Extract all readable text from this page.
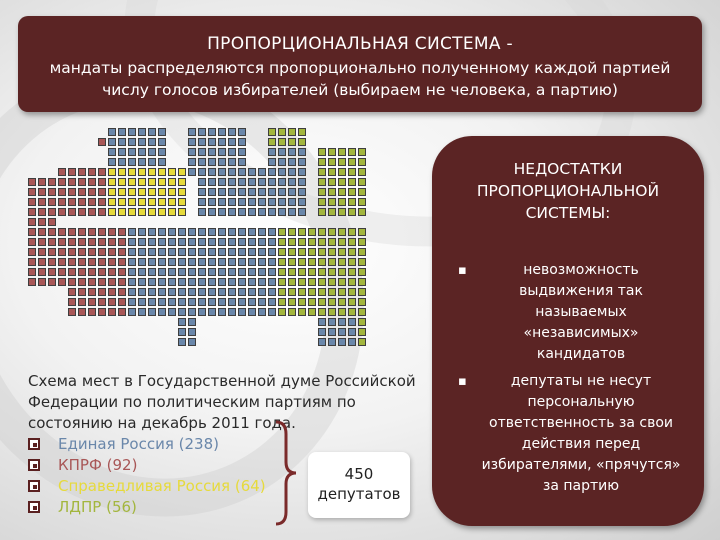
ПРОПОРЦИОНАЛЬНАЯ СИСТЕМА -
мандаты распределяются пропорционально полученному каждой партией
числу голосов избирателей (выбираем не человека, а партию)
Схема мест в Государственной думе Российской Федерации по политическим партиям по состоянию на декабрь 2011 года.
Единая Россия (238)
КПРФ (92)
Справедливая Россия (64)
ЛДПР (56)
450
депутатов
НЕДОСТАТКИ
ПРОПОРЦИОНАЛЬНОЙ
СИСТЕМЫ:
▪	невозможность выдвижения так называемых «независимых» кандидатов
▪	депутаты не несут персональную ответственность за свои действия перед избирателями, «прячутся» за партию
